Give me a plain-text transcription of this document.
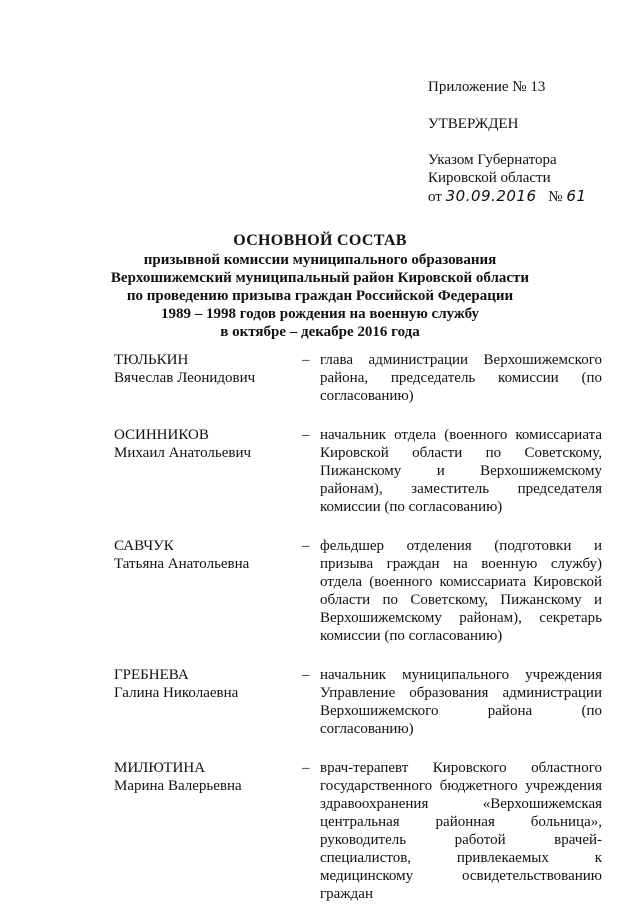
Приложение № 13
УТВЕРЖДЕН
Указом Губернатора
Кировской области
от 30.09.2016 № 61
ОСНОВНОЙ СОСТАВ
призывной комиссии муниципального образования
Верхошижемский муниципальный район Кировской области
по проведению призыва граждан Российской Федерации
1989 – 1998 годов рождения на военную службу
в октябре – декабре 2016 года
ТЮЛЬКИН
Вячеслав Леонидович
– глава администрации Верхошижемского района, председатель комиссии (по согласованию)
ОСИННИКОВ
Михаил Анатольевич
– начальник отдела (военного комиссариата Кировской области по Советскому, Пижанскому и Верхошижемскому районам), заместитель председателя комиссии (по согласованию)
САВЧУК
Татьяна Анатольевна
– фельдшер отделения (подготовки и призыва граждан на военную службу) отдела (военного комиссариата Кировской области по Советскому, Пижанскому и Верхошижемскому районам), секретарь комиссии (по согласованию)
ГРЕБНЕВА
Галина Николаевна
– начальник муниципального учреждения Управление образования администрации Верхошижемского района (по согласованию)
МИЛЮТИНА
Марина Валерьевна
– врач-терапевт Кировского областного государственного бюджетного учреждения здравоохранения «Верхошижемская центральная районная больница», руководитель работой врачей-специалистов, привлекаемых к медицинскому освидетельствованию граждан
